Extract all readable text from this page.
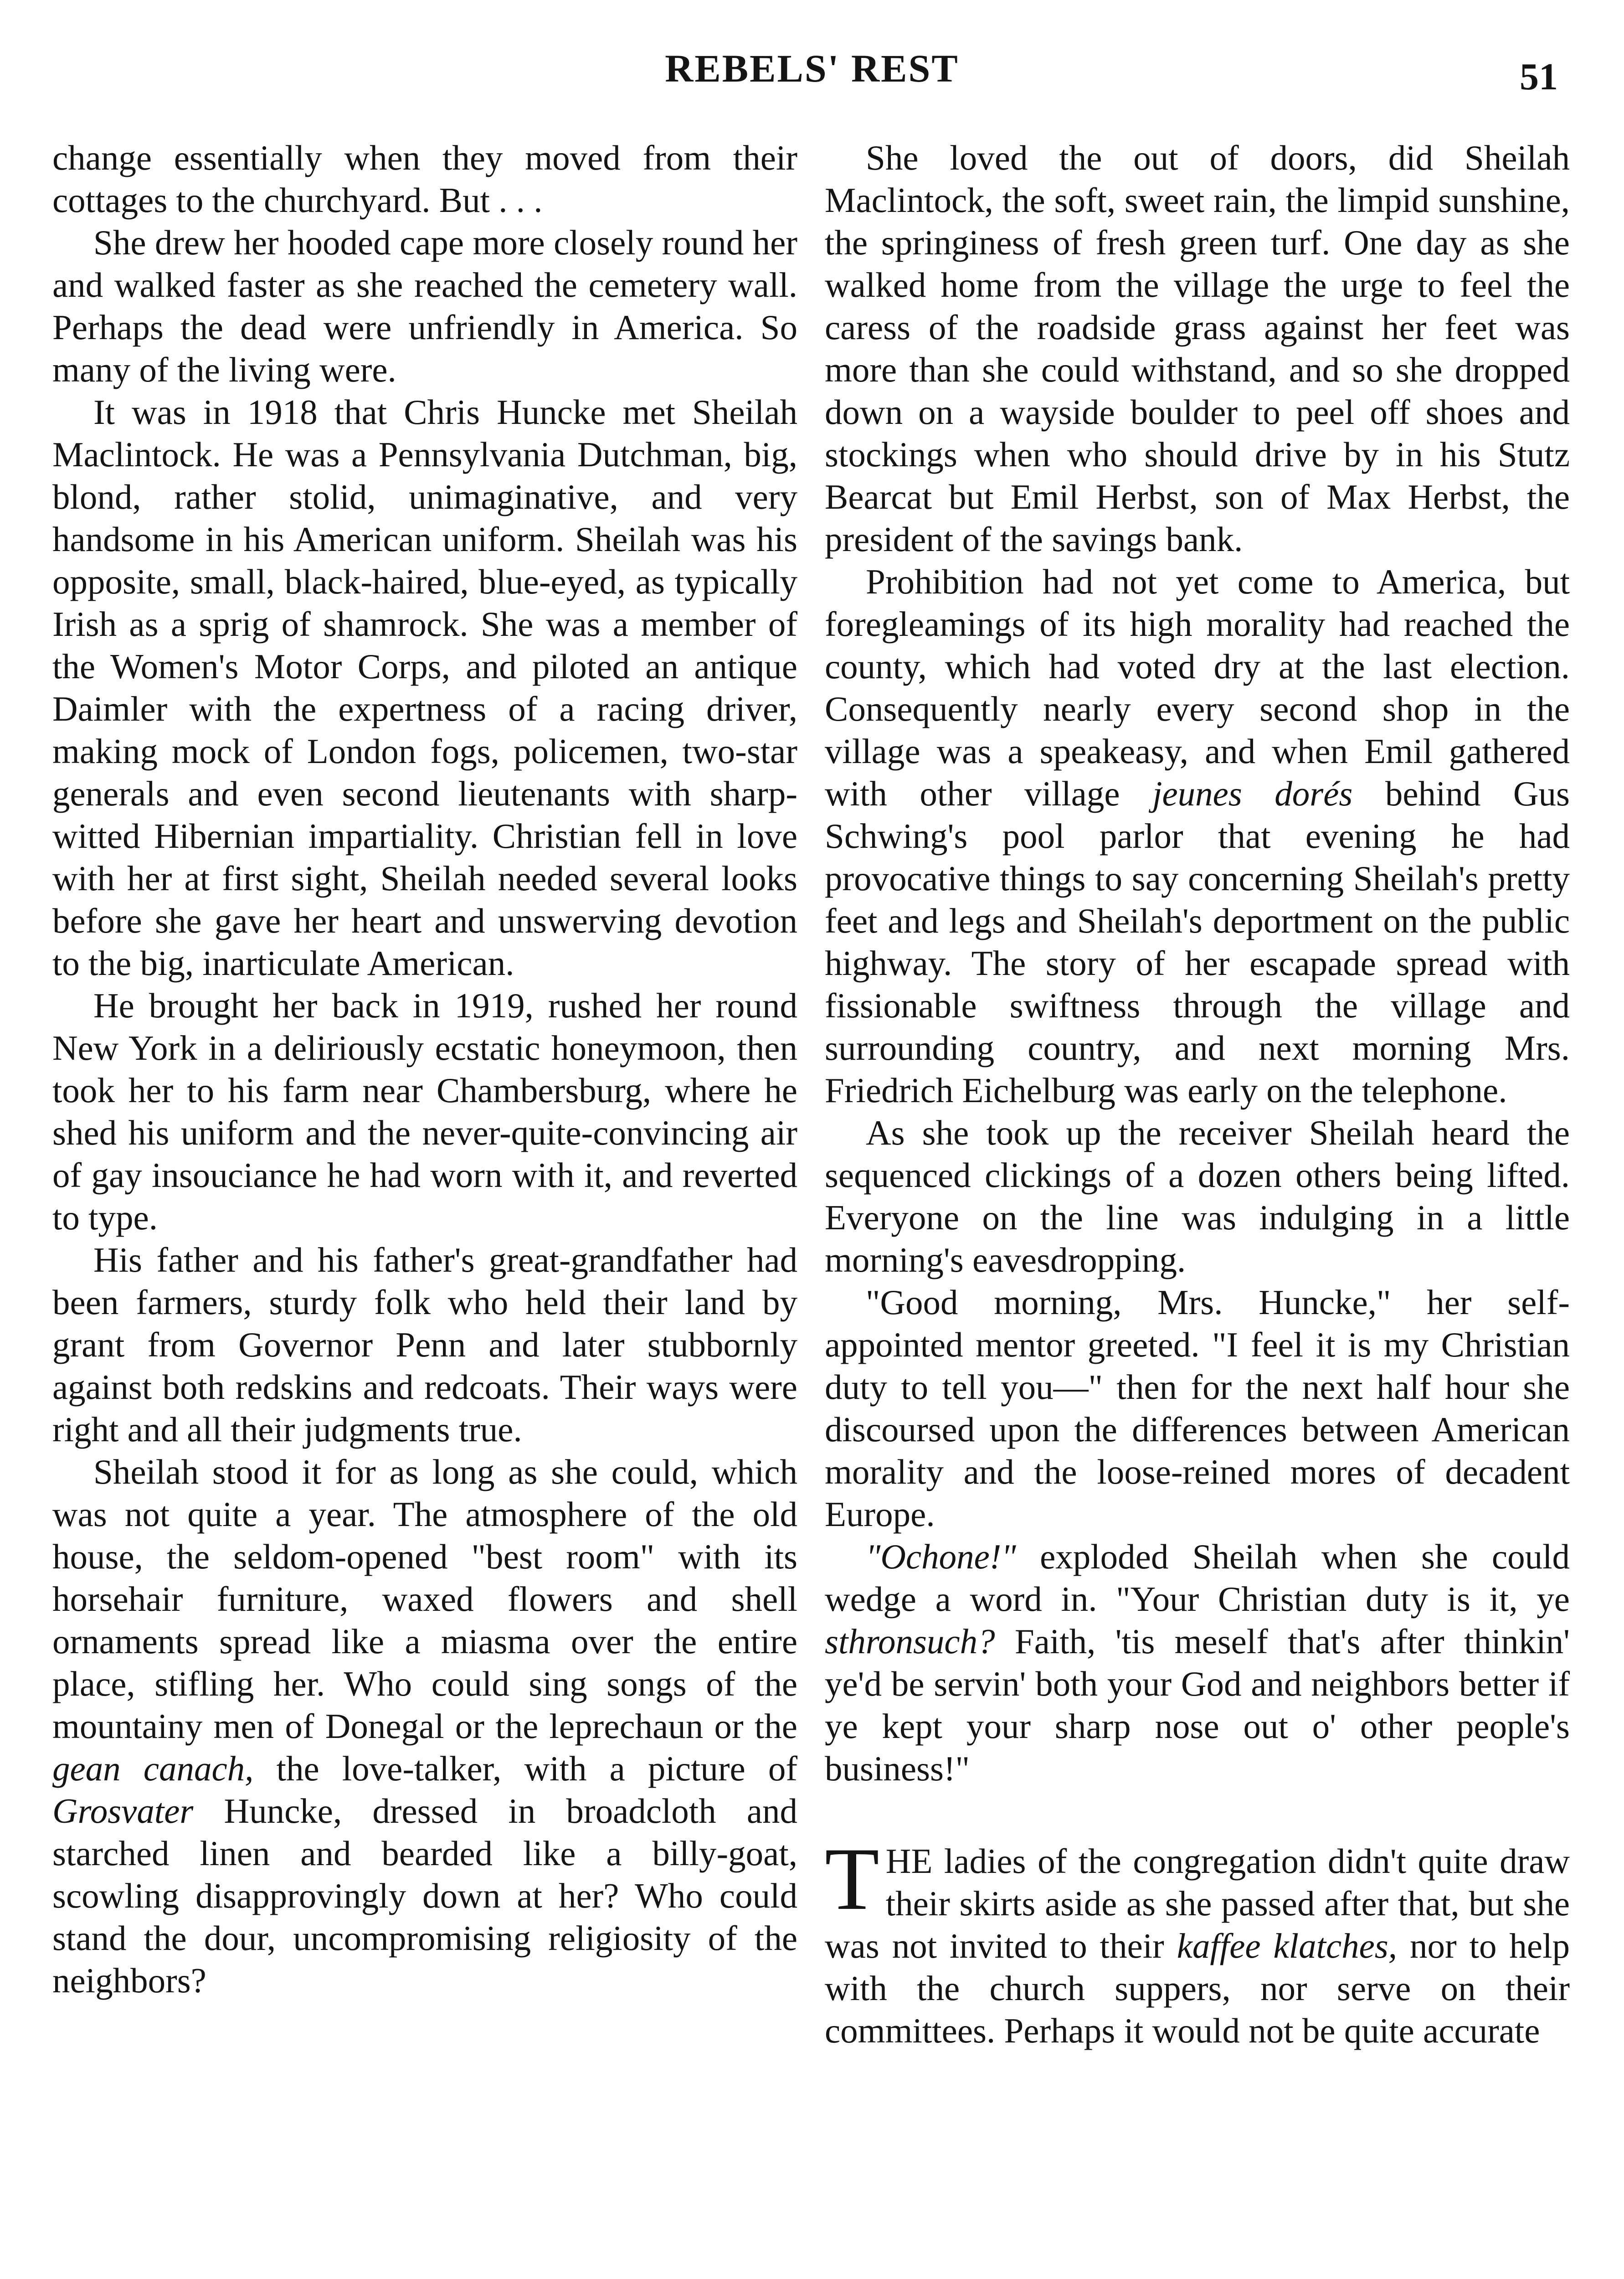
REBELS' REST	51

change essentially when they moved from their cottages to the churchyard. But . . .

She drew her hooded cape more closely round her and walked faster as she reached the cemetery wall. Perhaps the dead were unfriendly in America. So many of the living were.

It was in 1918 that Chris Huncke met Sheilah Maclintock. He was a Pennsylvania Dutchman, big, blond, rather stolid, unimaginative, and very handsome in his American uniform. Sheilah was his opposite, small, black-haired, blue-eyed, as typically Irish as a sprig of shamrock. She was a member of the Women's Motor Corps, and piloted an antique Daimler with the expertness of a racing driver, making mock of London fogs, policemen, two-star generals and even second lieutenants with sharp-witted Hibernian impartiality. Christian fell in love with her at first sight, Sheilah needed several looks before she gave her heart and unswerving devotion to the big, inarticulate American.

He brought her back in 1919, rushed her round New York in a deliriously ecstatic honeymoon, then took her to his farm near Chambersburg, where he shed his uniform and the never-quite-convincing air of gay insouciance he had worn with it, and reverted to type.

His father and his father's great-grandfather had been farmers, sturdy folk who held their land by grant from Governor Penn and later stubbornly against both redskins and redcoats. Their ways were right and all their judgments true.

Sheilah stood it for as long as she could, which was not quite a year. The atmosphere of the old house, the seldom-opened "best room" with its horsehair furniture, waxed flowers and shell ornaments spread like a miasma over the entire place, stifling her. Who could sing songs of the mountainy men of Donegal or the leprechaun or the gean canach, the love-talker, with a picture of Grosvater Huncke, dressed in broadcloth and starched linen and bearded like a billy-goat, scowling disapprovingly down at her? Who could stand the dour, uncompromising religiosity of the neighbors?

She loved the out of doors, did Sheilah Maclintock, the soft, sweet rain, the limpid sunshine, the springiness of fresh green turf. One day as she walked home from the village the urge to feel the caress of the roadside grass against her feet was more than she could withstand, and so she dropped down on a wayside boulder to peel off shoes and stockings when who should drive by in his Stutz Bearcat but Emil Herbst, son of Max Herbst, the president of the savings bank.

Prohibition had not yet come to America, but foregleamings of its high morality had reached the county, which had voted dry at the last election. Consequently nearly every second shop in the village was a speakeasy, and when Emil gathered with other village jeunes dorés behind Gus Schwing's pool parlor that evening he had provocative things to say concerning Sheilah's pretty feet and legs and Sheilah's deportment on the public highway. The story of her escapade spread with fissionable swiftness through the village and surrounding country, and next morning Mrs. Friedrich Eichelburg was early on the telephone.

As she took up the receiver Sheilah heard the sequenced clickings of a dozen others being lifted. Everyone on the line was indulging in a little morning's eavesdropping.

"Good morning, Mrs. Huncke," her self-appointed mentor greeted. "I feel it is my Christian duty to tell you—" then for the next half hour she discoursed upon the differences between American morality and the loose-reined mores of decadent Europe.

"Ochone!" exploded Sheilah when she could wedge a word in. "Your Christian duty is it, ye sthronsuch? Faith, 'tis meself that's after thinkin' ye'd be servin' both your God and neighbors better if ye kept your sharp nose out o' other people's business!"

THE ladies of the congregation didn't quite draw their skirts aside as she passed after that, but she was not invited to their kaffee klatches, nor to help with the church suppers, nor serve on their committees. Perhaps it would not be quite accurate
